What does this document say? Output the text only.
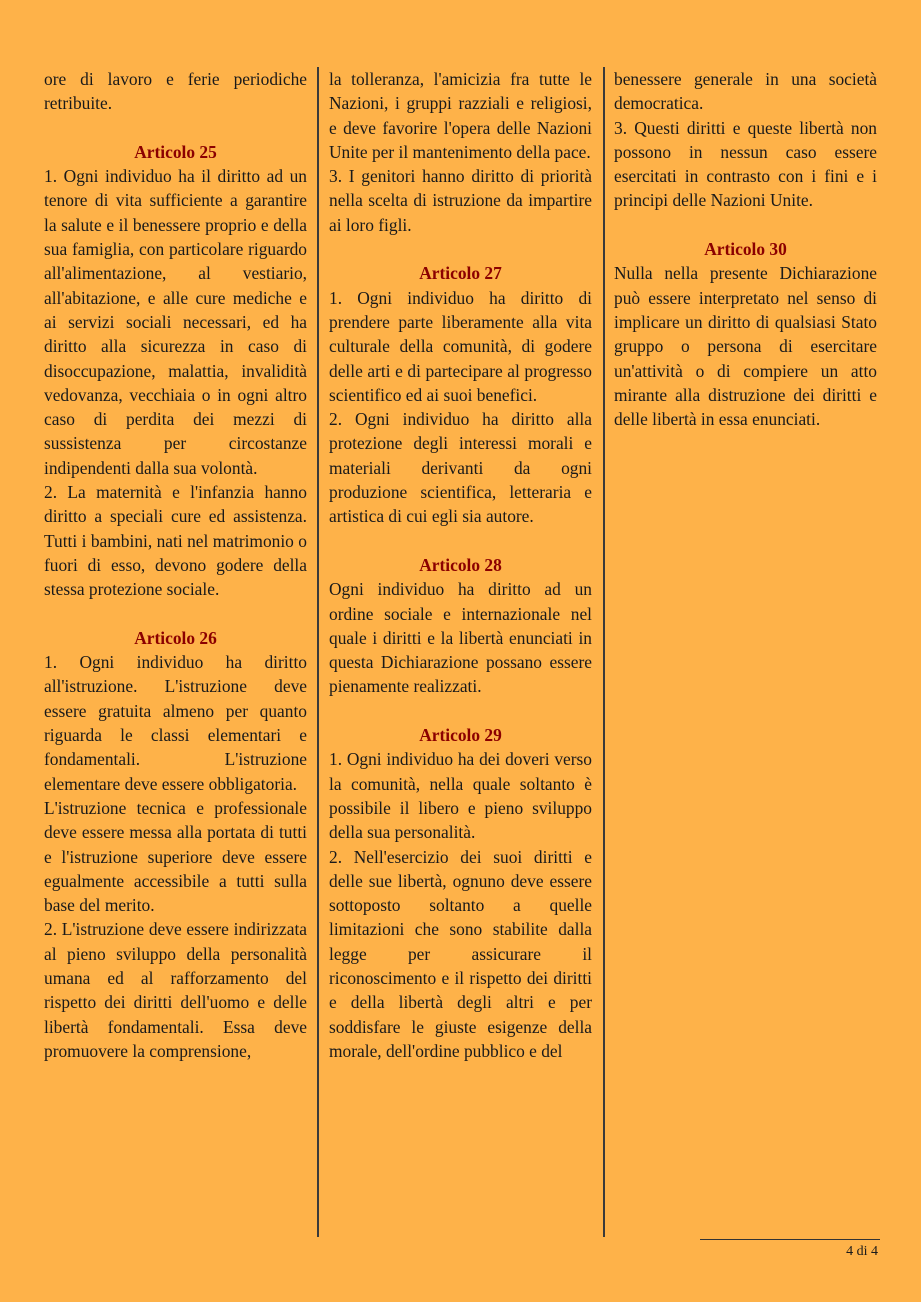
ore di lavoro e ferie periodiche retribuite.

Articolo 25

1. Ogni individuo ha il diritto ad un tenore di vita sufficiente a garantire la salute e il benessere proprio e della sua famiglia, con particolare riguardo all'alimentazione, al vestiario, all'abitazione, e alle cure mediche e ai servizi sociali necessari, ed ha diritto alla sicurezza in caso di disoccupazione, malattia, invalidità vedovanza, vecchiaia o in ogni altro caso di perdita dei mezzi di sussistenza per circostanze indipendenti dalla sua volontà.

2. La maternità e l'infanzia hanno diritto a speciali cure ed assistenza. Tutti i bambini, nati nel matrimonio o fuori di esso, devono godere della stessa protezione sociale.

Articolo 26

1. Ogni individuo ha diritto all'istruzione. L'istruzione deve essere gratuita almeno per quanto riguarda le classi elementari e fondamentali. L'istruzione elementare deve essere obbligatoria.

L'istruzione tecnica e professionale deve essere messa alla portata di tutti e l'istruzione superiore deve essere egualmente accessibile a tutti sulla base del merito.

2. L'istruzione deve essere indirizzata al pieno sviluppo della personalità umana ed al rafforzamento del rispetto dei diritti dell'uomo e delle libertà fondamentali. Essa deve promuovere la comprensione,

la tolleranza, l'amicizia fra tutte le Nazioni, i gruppi razziali e religiosi, e deve favorire l'opera delle Nazioni Unite per il mantenimento della pace.

3. I genitori hanno diritto di priorità nella scelta di istruzione da impartire ai loro figli.

Articolo 27

1. Ogni individuo ha diritto di prendere parte liberamente alla vita culturale della comunità, di godere delle arti e di partecipare al progresso scientifico ed ai suoi benefici.

2. Ogni individuo ha diritto alla protezione degli interessi morali e materiali derivanti da ogni produzione scientifica, letteraria e artistica di cui egli sia autore.

Articolo 28

Ogni individuo ha diritto ad un ordine sociale e internazionale nel quale i diritti e la libertà enunciati in questa Dichiarazione possano essere pienamente realizzati.

Articolo 29

1. Ogni individuo ha dei doveri verso la comunità, nella quale soltanto è possibile il libero e pieno sviluppo della sua personalità.

2. Nell'esercizio dei suoi diritti e delle sue libertà, ognuno deve essere sottoposto soltanto a quelle limitazioni che sono stabilite dalla legge per assicurare il riconoscimento e il rispetto dei diritti e della libertà degli altri e per soddisfare le giuste esigenze della morale, dell'ordine pubblico e del

benessere generale in una società democratica.

3. Questi diritti e queste libertà non possono in nessun caso essere esercitati in contrasto con i fini e i principi delle Nazioni Unite.

Articolo 30

Nulla nella presente Dichiarazione può essere interpretato nel senso di implicare un diritto di qualsiasi Stato gruppo o persona di esercitare un'attività o di compiere un atto mirante alla distruzione dei diritti e delle libertà in essa enunciati.

4 di 4
